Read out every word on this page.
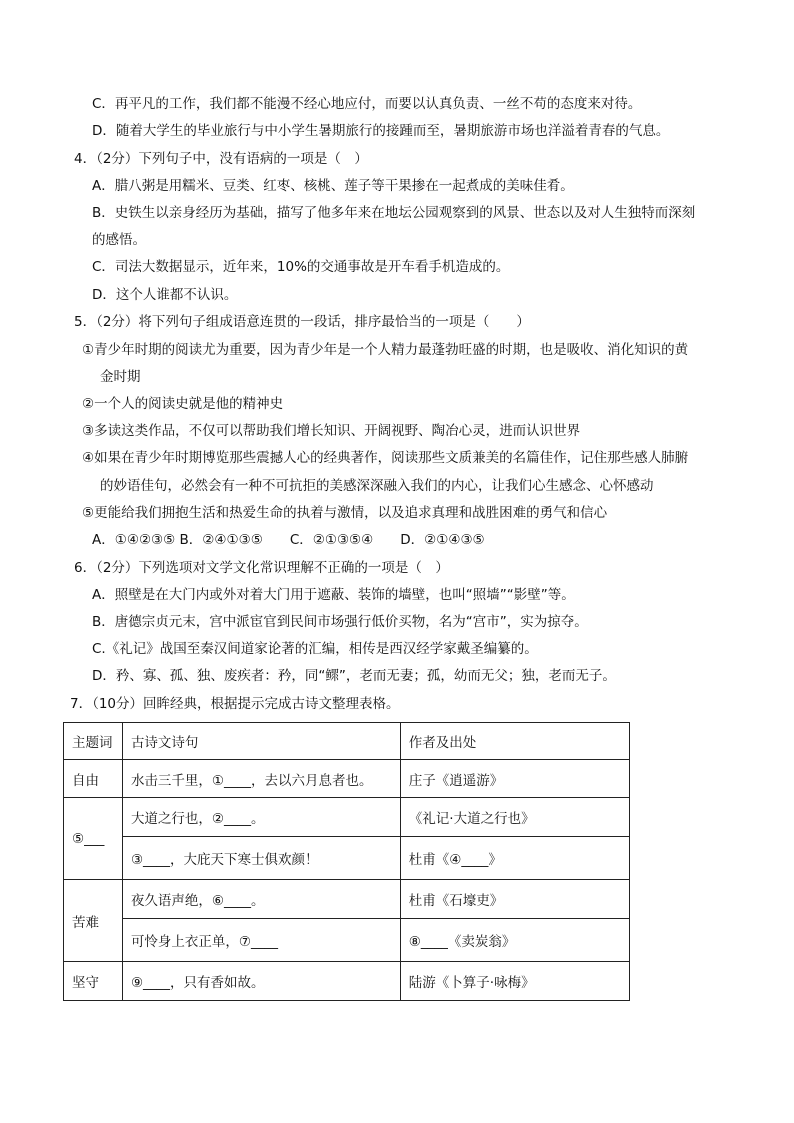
C．再平凡的工作，我们都不能漫不经心地应付，而要以认真负责、一丝不苟的态度来对待。
D．随着大学生的毕业旅行与中小学生暑期旅行的接踵而至，暑期旅游市场也洋溢着青春的气息。
4．（2分）下列句子中，没有语病的一项是（　）
A．腊八粥是用糯米、豆类、红枣、核桃、莲子等干果掺在一起煮成的美味佳肴。
B．史铁生以亲身经历为基础，描写了他多年来在地坛公园观察到的风景、世态以及对人生独特而深刻
的感悟。
C．司法大数据显示，近年来，10%的交通事故是开车看手机造成的。
D．这个人谁都不认识。
5．（2分）将下列句子组成语意连贯的一段话，排序最恰当的一项是（　　）
①青少年时期的阅读尤为重要，因为青少年是一个人精力最蓬勃旺盛的时期，也是吸收、消化知识的黄
金时期
②一个人的阅读史就是他的精神史
③多读这类作品，不仅可以帮助我们增长知识、开阔视野、陶冶心灵，进而认识世界
④如果在青少年时期博览那些震撼人心的经典著作，阅读那些文质兼美的名篇佳作，记住那些感人肺腑
的妙语佳句，必然会有一种不可抗拒的美感深深融入我们的内心，让我们心生感念、心怀感动
⑤更能给我们拥抱生活和热爱生命的执着与激情，以及追求真理和战胜困难的勇气和信心
A．①④②③⑤ B．②④①③⑤　　C．②①③⑤④　　D．②①④③⑤
6．（2分）下列选项对文学文化常识理解不正确的一项是（　）
A．照壁是在大门内或外对着大门用于遮蔽、装饰的墙壁，也叫“照墙”“影壁”等。
B．唐德宗贞元末，宫中派宦官到民间市场强行低价买物，名为“宫市”，实为掠夺。
C.《礼记》战国至秦汉间道家论著的汇编，相传是西汉经学家戴圣编纂的。
D．矜、寡、孤、独、废疾者：矜，同“鳏”，老而无妻；孤，幼而无父；独，老而无子。
7．（10分）回眸经典，根据提示完成古诗文整理表格。
主题词	古诗文诗句	作者及出处
自由	水击三千里，①____，去以六月息者也。	庄子《逍遥游》
⑤___	大道之行也，②____。	《礼记·大道之行也》
	③____，大庇天下寒士俱欢颜！	杜甫《④____》
苦难	夜久语声绝，⑥____。	杜甫《石壕吏》
	可怜身上衣正单，⑦____	⑧____《卖炭翁》
坚守	⑨____，只有香如故。	陆游《卜算子·咏梅》
